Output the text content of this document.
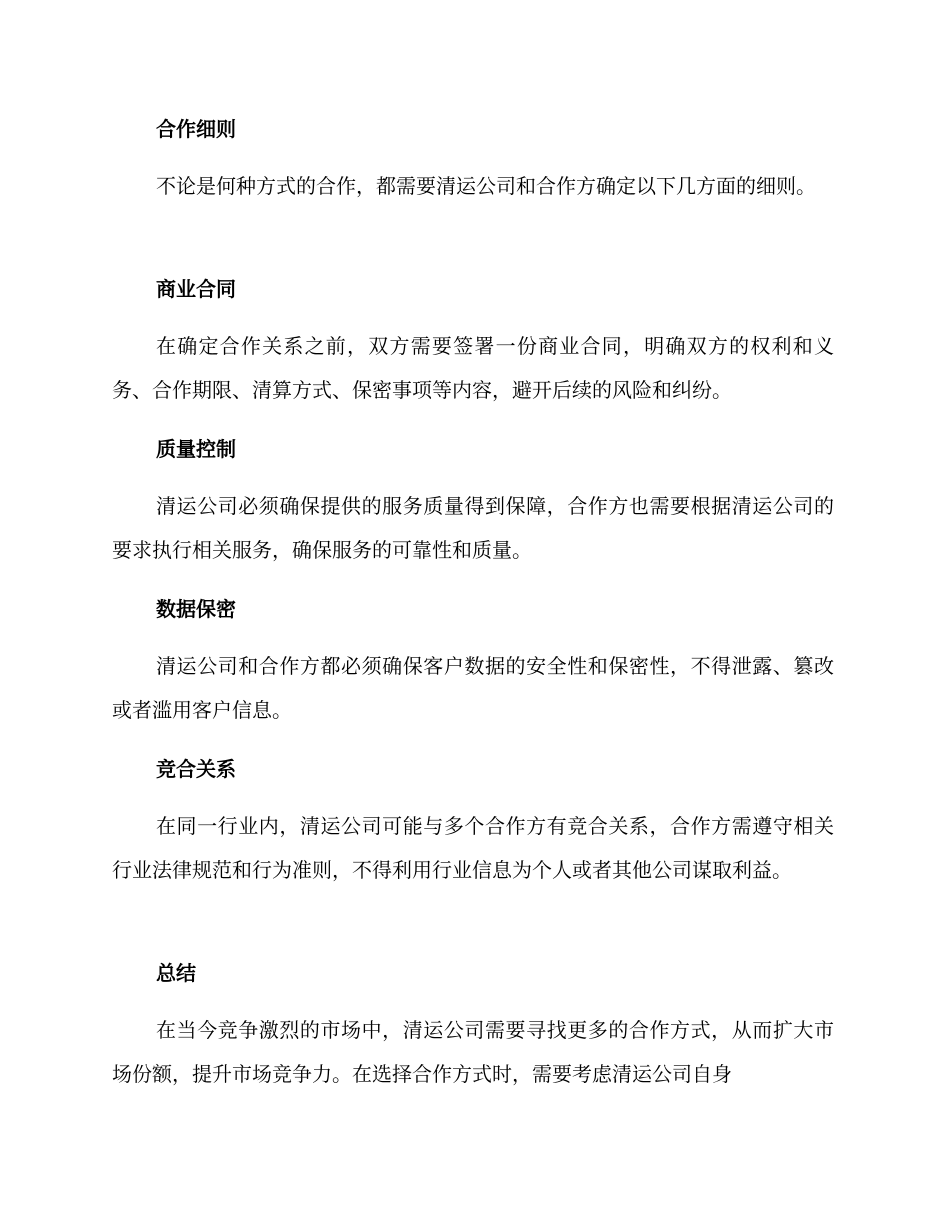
合作细则

不论是何种方式的合作，都需要清运公司和合作方确定以下几方面的细则。

商业合同

在确定合作关系之前，双方需要签署一份商业合同，明确双方的权利和义务、合作期限、清算方式、保密事项等内容，避开后续的风险和纠纷。

质量控制

清运公司必须确保提供的服务质量得到保障，合作方也需要根据清运公司的要求执行相关服务，确保服务的可靠性和质量。

数据保密

清运公司和合作方都必须确保客户数据的安全性和保密性，不得泄露、篡改或者滥用客户信息。

竞合关系

在同一行业内，清运公司可能与多个合作方有竞合关系，合作方需遵守相关行业法律规范和行为准则，不得利用行业信息为个人或者其他公司谋取利益。

总结

在当今竞争激烈的市场中，清运公司需要寻找更多的合作方式，从而扩大市场份额，提升市场竞争力。在选择合作方式时，需要考虑清运公司自身
